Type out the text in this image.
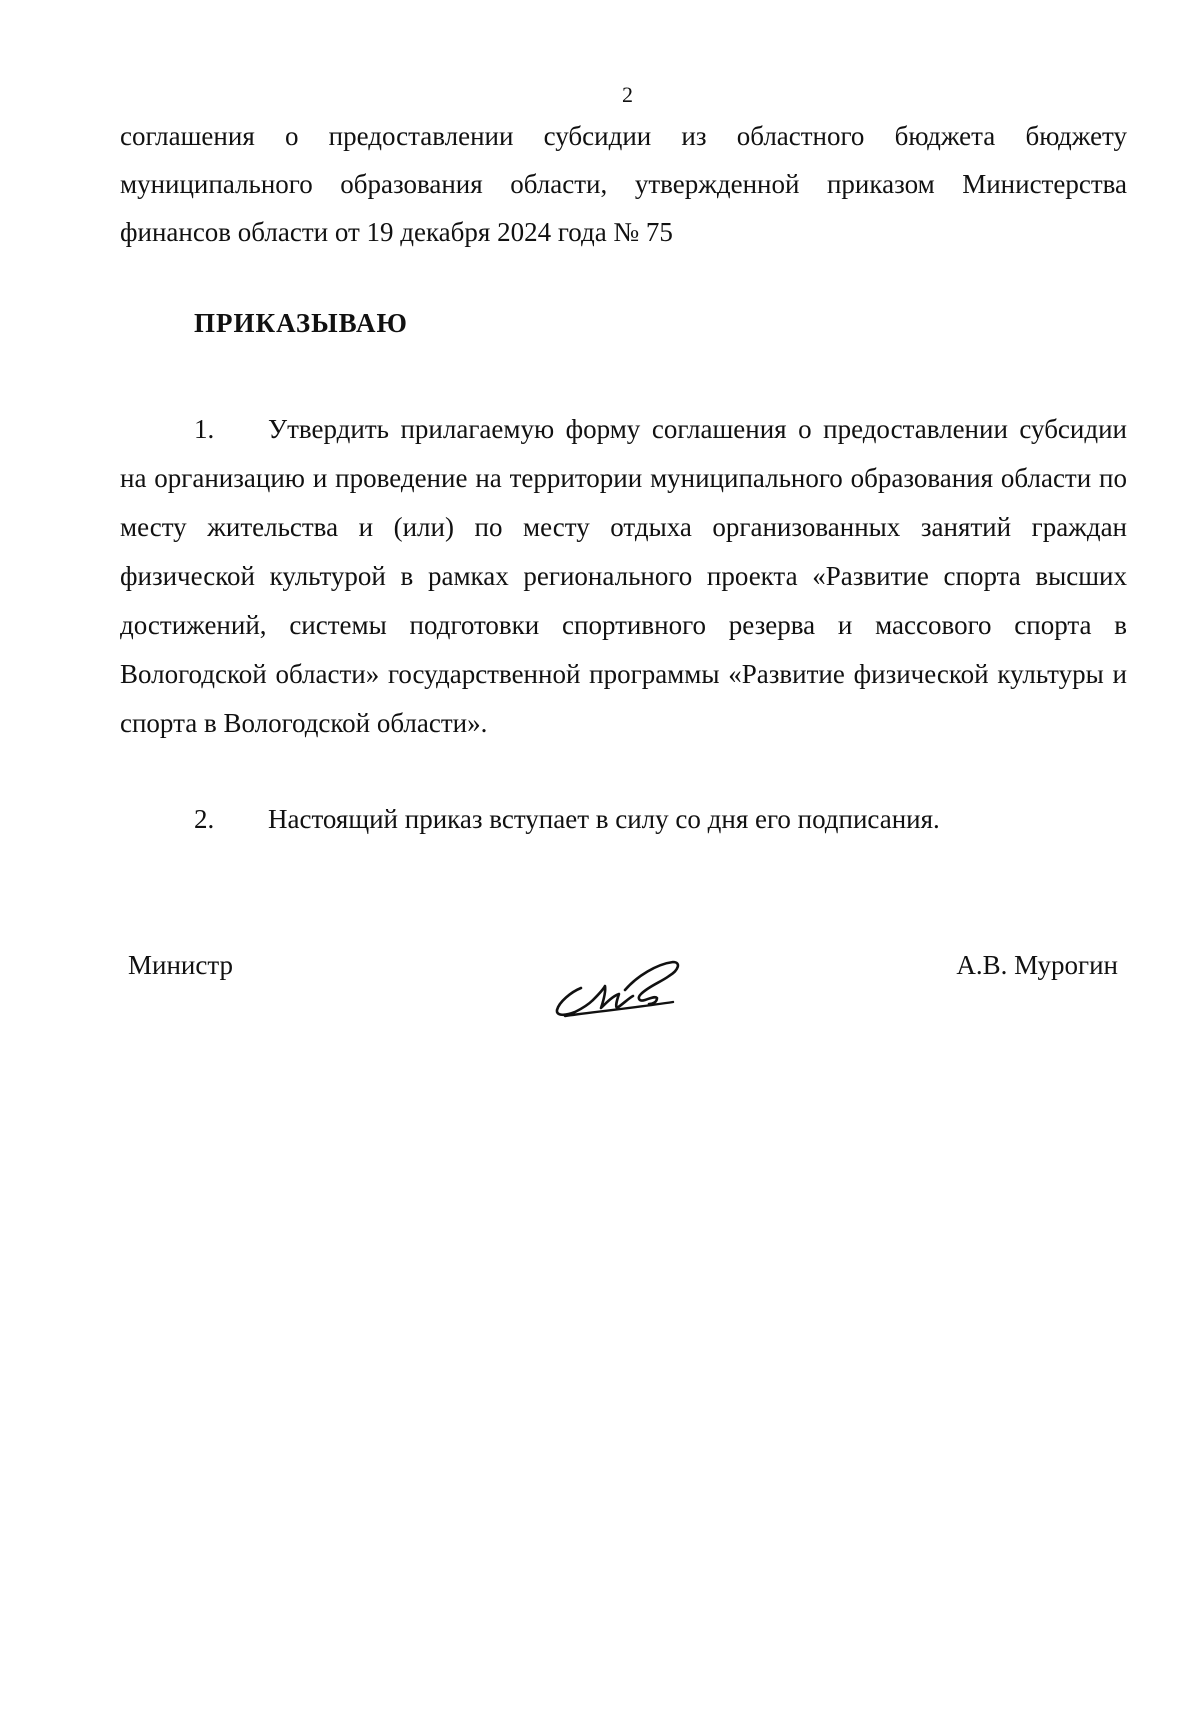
2

соглашения о предоставлении субсидии из областного бюджета бюджету муниципального образования области, утвержденной приказом Министерства финансов области от 19 декабря 2024 года № 75

ПРИКАЗЫВАЮ

1. Утвердить прилагаемую форму соглашения о предоставлении субсидии на организацию и проведение на территории муниципального образования области по месту жительства и (или) по месту отдыха организованных занятий граждан физической культурой в рамках регионального проекта «Развитие спорта высших достижений, системы подготовки спортивного резерва и массового спорта в Вологодской области» государственной программы «Развитие физической культуры и спорта в Вологодской области».

2. Настоящий приказ вступает в силу со дня его подписания.

Министр	А.В. Мурогин
